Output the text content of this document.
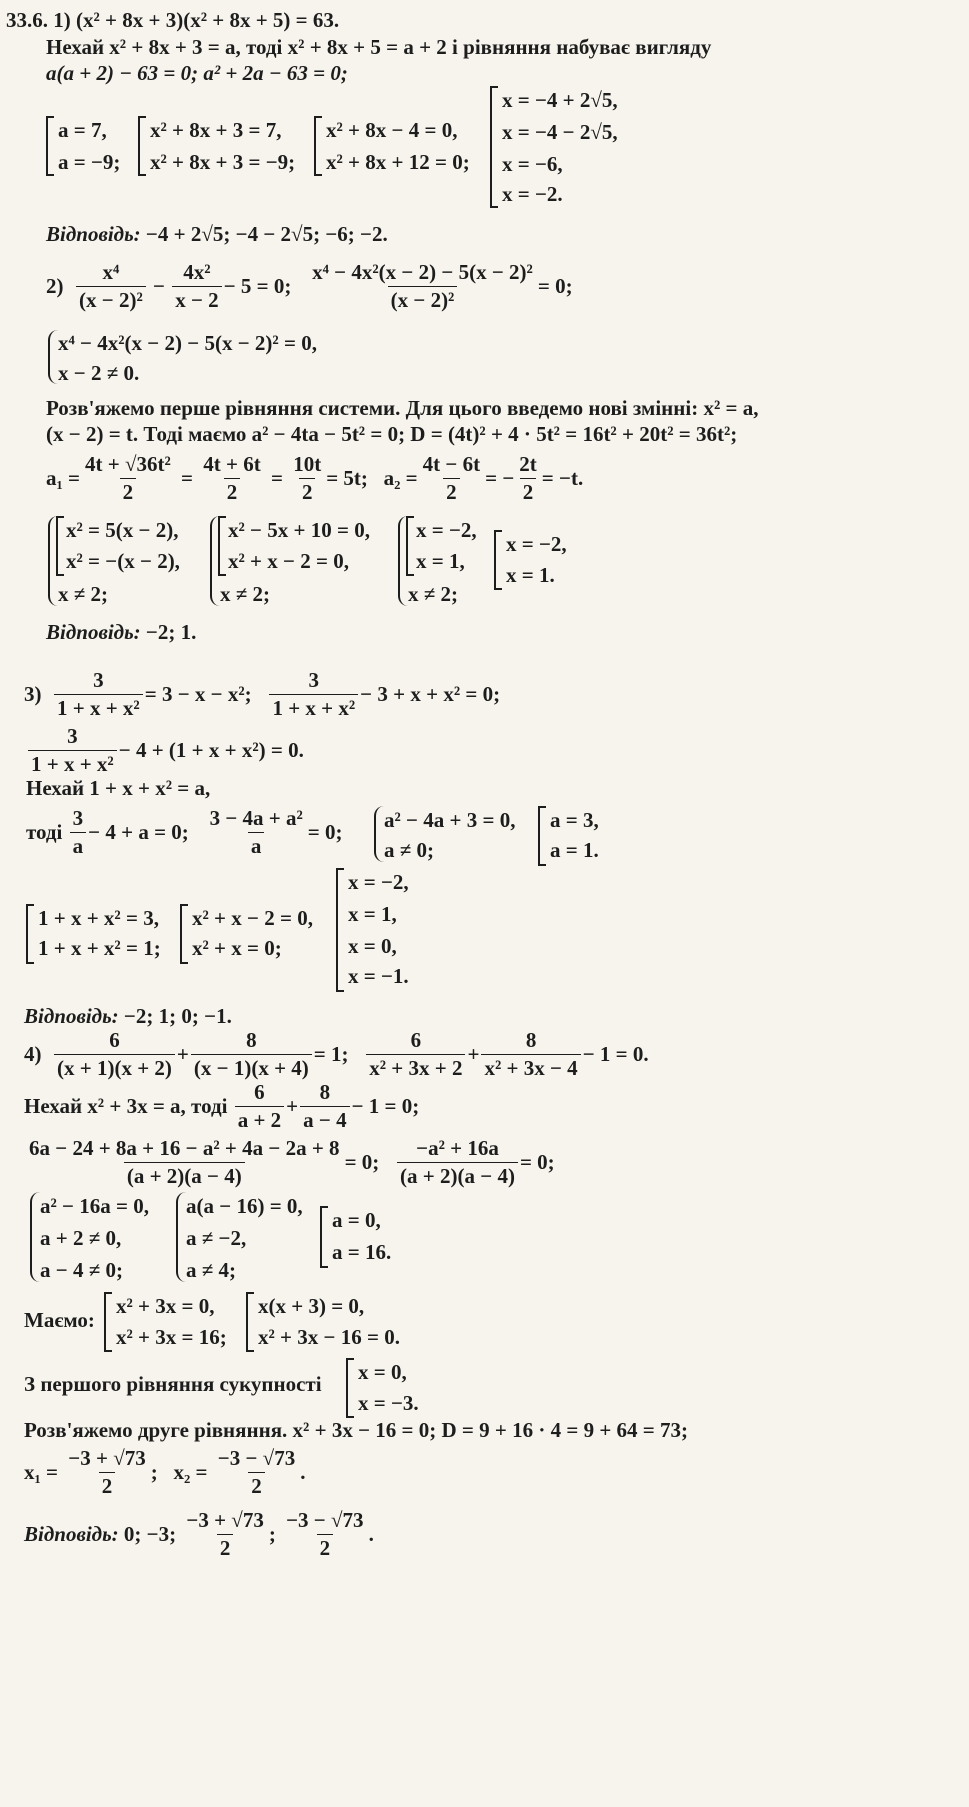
33.6. 1) (x² + 8x + 3)(x² + 8x + 5) = 63.
Нехай x² + 8x + 3 = a, тоді x² + 8x + 5 = a + 2 і рівняння набуває вигляду
a(a + 2) − 63 = 0; a² + 2a − 63 = 0;
a = 7,
a = −9;
x² + 8x + 3 = 7,
x² + 8x + 3 = −9;
x² + 8x − 4 = 0,
x² + 8x + 12 = 0;
x = −4 + 2√5,
x = −4 − 2√5,
x = −6,
x = −2.
Відповідь: −4 + 2√5; −4 − 2√5; −6; −2.
2)
$\frac{\text{x⁴}}{\text{(x − 2)²}} - \frac{\text{4x²}}{x - 2} - 5 = 0$;
$\frac{\text{x⁴ − 4x²(x − 2) − 5(x − 2)²}}{\text{(x − 2)²}} = 0$;
x⁴ − 4x²(x − 2) − 5(x − 2)² = 0,
x − 2 ≠ 0.
Розв'яжемо перше рівняння системи. Для цього введемо нові змінні: x² = a,
(x − 2) = t. Тоді маємо a² − 4ta − 5t² = 0; D = (4t)² + 4 · 5t² = 16t² + 20t² = 36t²;
$a_1 = \frac{\text{4t + √36t²}}{2} = \frac{4t + 6t}{2} = \frac{10t}{2} = 5t$;
$a_2 = \frac{4t - 6t}{2}$ = − $\frac{2t}{2} = -t$.
x² = 5(x − 2),
x² = −(x − 2),
x ≠ 2;
x² − 5x + 10 = 0,
x² + x − 2 = 0,
x ≠ 2;
x = −2,
x = 1,
x ≠ 2;
x = −2,
x = 1.
Відповідь: −2; 1.
3)
$\frac{3}{\text{1 + x + x²}} = 3 - x - x^2$;
$\frac{3}{\text{1 + x + x²}} - 3 + x + x^2 = 0$;
$\frac{3}{\text{1 + x + x²}} - 4 + (1 + x + x^2) = 0$.
Нехай 1 + x + x² = a,
тоді
$\frac{3}{a} - 4 + a = 0$;
$\frac{\text{3 − 4a + a²}}{a} = 0$; a² − 4a + 3 = 0,
a ≠ 0;
a = 3,
a = 1.
1 + x + x² = 3,
1 + x + x² = 1;
x² + x − 2 = 0,
x² + x = 0;
x = −2,
x = 1,
x = 0,
x = −1.
Відповідь: −2; 1; 0; −1.
4)
$\frac{6}{(x + 1)(x + 2)} + \frac{8}{(x - 1)(x + 4)} = 1$;
$\frac{6}{\text{x² + 3x + 2}} + \frac{8}{\text{x² + 3x − 4}} - 1 = 0$.
Нехай x² + 3x = a, тоді
$\frac{6}{a + 2} + \frac{8}{a - 4} - 1 = 0$;
$\frac{\text{6a − 24 + 8a + 16 − a² + 4a − 2a + 8}}{(a + 2)(a - 4)} = 0$;
$\frac{\text{−a² + 16a}}{(a + 2)(a - 4)} = 0$;
a² − 16a = 0,
a + 2 ≠ 0,
a − 4 ≠ 0;
a(a − 16) = 0,
a ≠ −2,
a ≠ 4;
a = 0,
a = 16.
Маємо:
x² + 3x = 0,
x² + 3x = 16;
x(x + 3) = 0,
x² + 3x − 16 = 0.
З першого рівняння сукупності x = 0,
x = −3.
Розв'яжемо друге рівняння. x² + 3x − 16 = 0; D = 9 + 16 · 4 = 9 + 64 = 73;
x₁ =
$\frac{-3 + √73}{2}$ ;
x₂ =
$\frac{-3 - √73}{2}$ .
Відповідь:
0; −3;
$\frac{-3 + √73}{2}$ ;
$\frac{-3 - √73}{2}$ .
